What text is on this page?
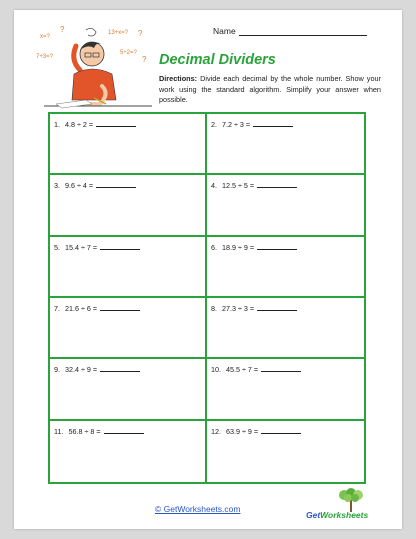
x=?
?	13+x=? ?
7+3=?
5÷2=?
?
Name
Decimal Dividers
Directions: Divide each decimal by the whole number. Show your work using the standard algorithm. Simplify your answer when possible.
1. 4.8 ÷ 2 =	2. 7.2 ÷ 3 =
3. 9.6 ÷ 4 =	4. 12.5 ÷ 5 =
5. 15.4 ÷ 7 =	6. 18.9 ÷ 9 =
7. 21.6 ÷ 6 =	8. 27.3 ÷ 3 =
9. 32.4 ÷ 9 =	10. 45.5 ÷ 7 =
11. 56.8 ÷ 8 =	12. 63.9 ÷ 9 =
© GetWorksheets.com
GetWorksheets
